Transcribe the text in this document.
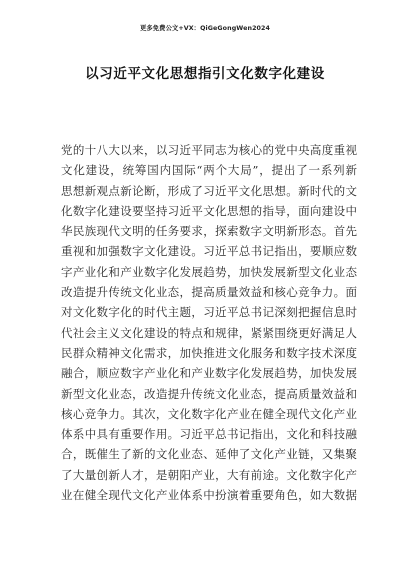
更多免费公文+VX：QiGeGongWen2024
以习近平文化思想指引文化数字化建设
党的十八大以来，以习近平同志为核心的党中央高度重视
文化建设，统筹国内国际“两个大局”，提出了一系列新
思想新观点新论断，形成了习近平文化思想。新时代的文
化数字化建设要坚持习近平文化思想的指导，面向建设中
华民族现代文明的任务要求，探索数字文明新形态。首先
重视和加强数字文化建设。习近平总书记指出，要顺应数
字产业化和产业数字化发展趋势，加快发展新型文化业态
改造提升传统文化业态，提高质量效益和核心竞争力。面
对文化数字化的时代主题，习近平总书记深刻把握信息时
代社会主义文化建设的特点和规律，紧紧围绕更好满足人
民群众精神文化需求，加快推进文化服务和数字技术深度
融合，顺应数字产业化和产业数字化发展趋势，加快发展
新型文化业态，改造提升传统文化业态，提高质量效益和
核心竞争力。其次，文化数字化产业在健全现代文化产业
体系中具有重要作用。习近平总书记指出，文化和科技融
合，既催生了新的文化业态、延伸了文化产业链，又集聚
了大量创新人才，是朝阳产业，大有前途。文化数字化产
业在健全现代文化产业体系中扮演着重要角色，如大数据
